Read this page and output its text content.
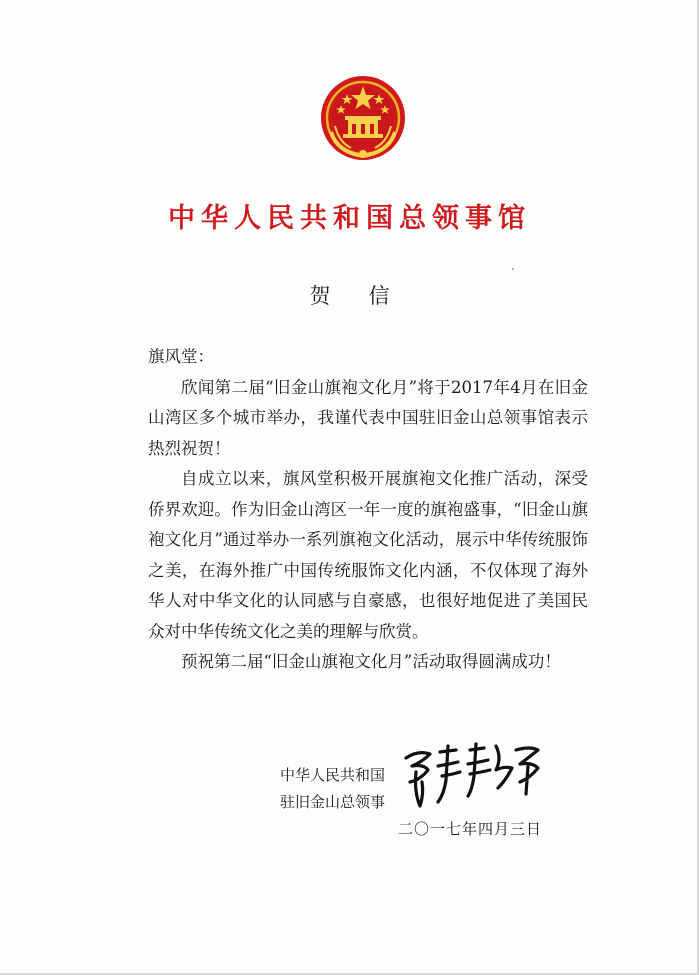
中华人民共和国总领事馆
贺信

旗风堂：

欣闻第二届“旧金山旗袍文化月”将于2017年4月在旧金山湾区多个城市举办，我谨代表中国驻旧金山总领事馆表示热烈祝贺！

自成立以来，旗风堂积极开展旗袍文化推广活动，深受侨界欢迎。作为旧金山湾区一年一度的旗袍盛事，“旧金山旗袍文化月”通过举办一系列旗袍文化活动，展示中华传统服饰之美，在海外推广中国传统服饰文化内涵，不仅体现了海外华人对中华文化的认同感与自豪感，也很好地促进了美国民众对中华传统文化之美的理解与欣赏。

预祝第二届“旧金山旗袍文化月”活动取得圆满成功！

中华人民共和国
驻旧金山总领事
二〇一七年四月三日
